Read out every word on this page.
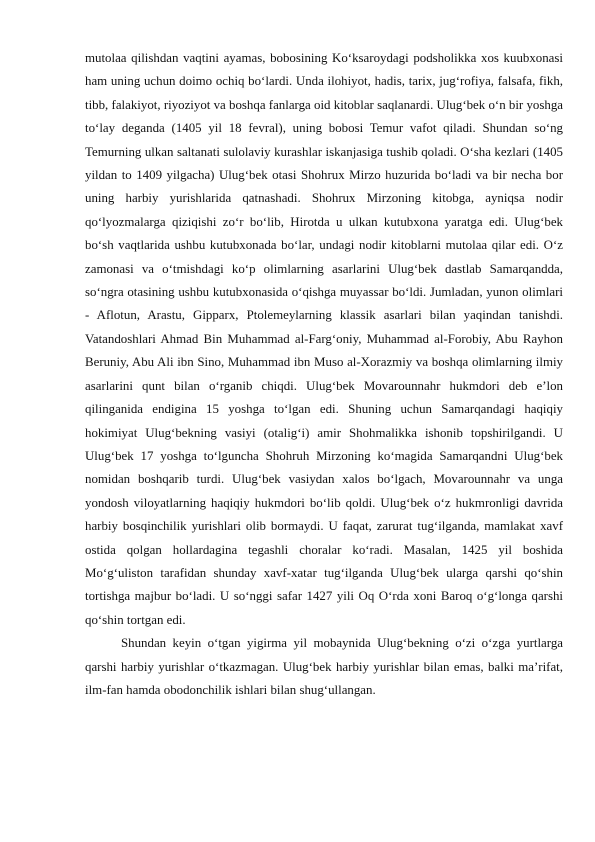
mutolaa qilishdan vaqtini ayamas, bobosining Ko‘ksaroydagi podsholikka xos kuubxonasi ham uning uchun doimo ochiq bo‘lardi. Unda ilohiyot, hadis, tarix, jug‘rofiya, falsafa, fikh, tibb, falakiyot, riyoziyot va boshqa fanlarga oid kitoblar saqlanardi. Ulug‘bek o‘n bir yoshga to‘lay deganda (1405 yil 18 fevral), uning bobosi Temur vafot qiladi. Shundan so‘ng Temurning ulkan saltanati sulolaviy kurashlar iskanjasiga tushib qoladi. O‘sha kezlari (1405 yildan to 1409 yilgacha) Ulug‘bek otasi Shohrux Mirzo huzurida bo‘ladi va bir necha bor uning harbiy yurishlarida qatnashadi. Shohrux Mirzoning kitobga, ayniqsa nodir qo‘lyozmalarga qiziqishi zo‘r bo‘lib, Hirotda u ulkan kutubxona yaratga edi. Ulug‘bek bo‘sh vaqtlarida ushbu kutubxonada bo‘lar, undagi nodir kitoblarni mutolaa qilar edi. O‘z zamonasi va o‘tmishdagi ko‘p olimlarning asarlarini Ulug‘bek dastlab Samarqandda, so‘ngra otasining ushbu kutubxonasida o‘qishga muyassar bo‘ldi. Jumladan, yunon olimlari - Aflotun, Arastu, Gipparx, Ptolemeylarning klassik asarlari bilan yaqindan tanishdi. Vatandoshlari Ahmad Bin Muhammad al-Farg‘oniy, Muhammad al-Forobiy, Abu Rayhon Beruniy, Abu Ali ibn Sino, Muhammad ibn Muso al-Xorazmiy va boshqa olimlarning ilmiy asarlarini qunt bilan o‘rganib chiqdi. Ulug‘bek Movarounnahr hukmdori deb e’lon qilinganida endigina 15 yoshga to‘lgan edi. Shuning uchun Samarqandagi haqiqiy hokimiyat Ulug‘bekning vasiyi (otalig‘i) amir Shohmalikka ishonib topshirilgandi. U Ulug‘bek 17 yoshga to‘lguncha Shohruh Mirzoning ko‘magida Samarqandni Ulug‘bek nomidan boshqarib turdi. Ulug‘bek vasiydan xalos bo‘lgach, Movarounnahr va unga yondosh viloyatlarning haqiqiy hukmdori bo‘lib qoldi. Ulug‘bek o‘z hukmronligi davrida harbiy bosqinchilik yurishlari olib bormaydi. U faqat, zarurat tug‘ilganda, mamlakat xavf ostida qolgan hollardagina tegashli choralar ko‘radi. Masalan, 1425 yil boshida Mo‘g‘uliston tarafidan shunday xavf-xatar tug‘ilganda Ulug‘bek ularga qarshi qo‘shin tortishga majbur bo‘ladi. U so‘nggi safar 1427 yili Oq O‘rda xoni Baroq o‘g‘longa qarshi qo‘shin tortgan edi.

Shundan keyin o‘tgan yigirma yil mobaynida Ulug‘bekning o‘zi o‘zga yurtlarga qarshi harbiy yurishlar o‘tkazmagan. Ulug‘bek harbiy yurishlar bilan emas, balki ma’rifat, ilm-fan hamda obodonchilik ishlari bilan shug‘ullangan.
